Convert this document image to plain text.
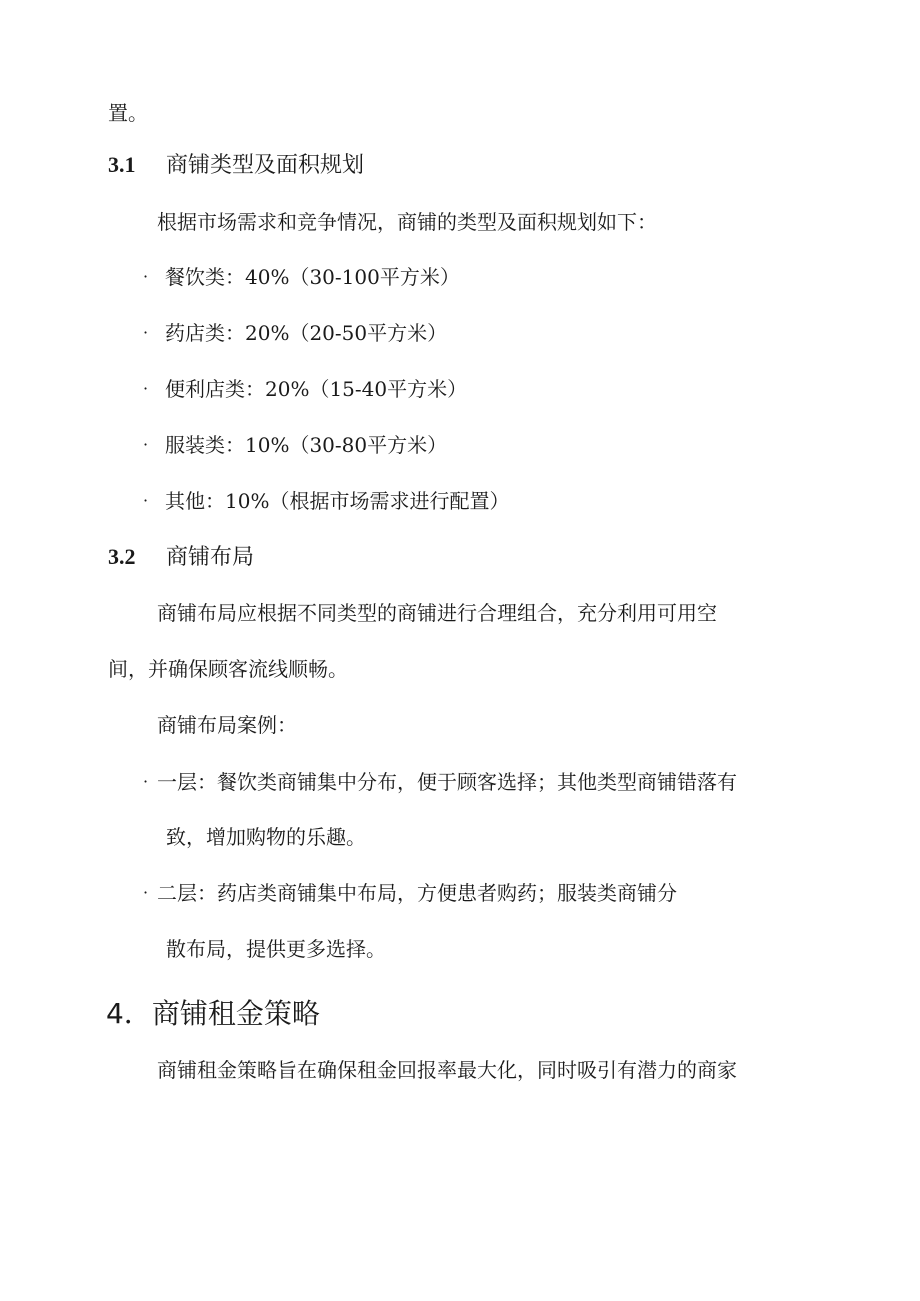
置。
3.1 商铺类型及面积规划
根据市场需求和竞争情况，商铺的类型及面积规划如下：
· 餐饮类：40%（30-100平方米）
· 药店类：20%（20-50平方米）
· 便利店类：20%（15-40平方米）
· 服装类：10%（30-80平方米）
· 其他：10%（根据市场需求进行配置）
3.2 商铺布局
商铺布局应根据不同类型的商铺进行合理组合，充分利用可用空
间，并确保顾客流线顺畅。
商铺布局案例：
· 一层：餐饮类商铺集中分布，便于顾客选择；其他类型商铺错落有
致，增加购物的乐趣。
· 二层：药店类商铺集中布局，方便患者购药；服装类商铺分
散布局，提供更多选择。
4．商铺租金策略
商铺租金策略旨在确保租金回报率最大化，同时吸引有潜力的商家
